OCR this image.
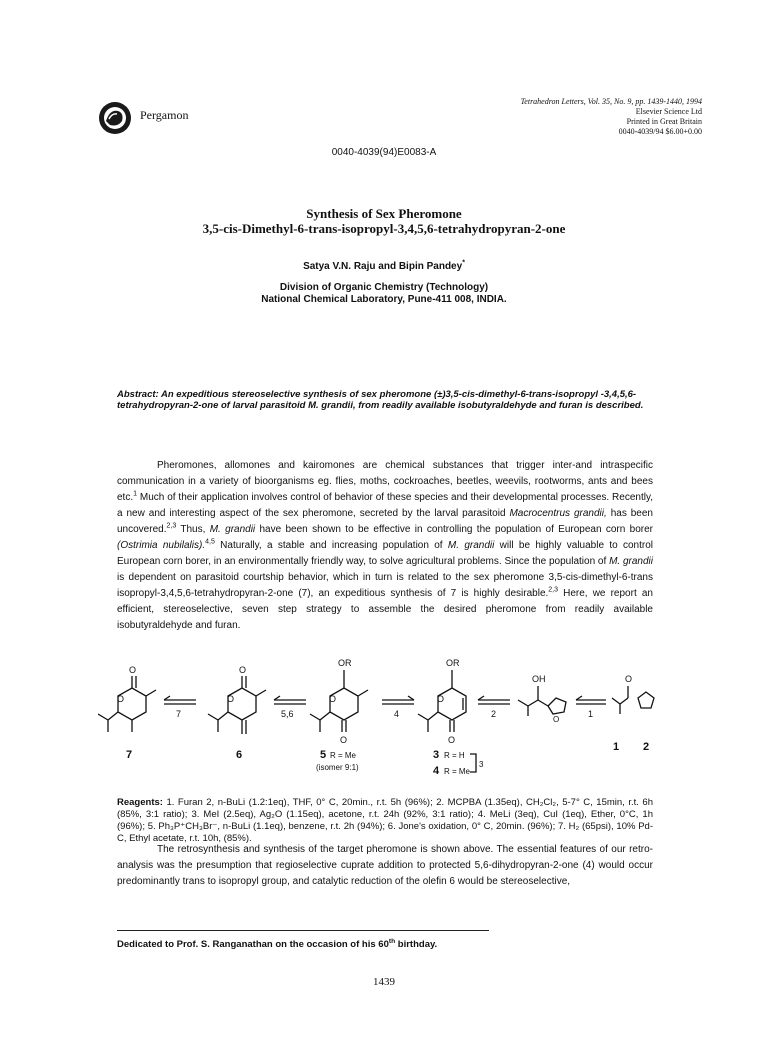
Pergamon
Tetrahedron Letters, Vol. 35, No. 9, pp. 1439-1440, 1994
Elsevier Science Ltd
Printed in Great Britain
0040-4039/94 $6.00+0.00
0040-4039(94)E0083-A
Synthesis of Sex Pheromone
3,5-cis-Dimethyl-6-trans-isopropyl-3,4,5,6-tetrahydropyran-2-one
Satya V.N. Raju and Bipin Pandey*
Division of Organic Chemistry (Technology)
National Chemical Laboratory, Pune-411 008, INDIA.
Abstract: An expeditious stereoselective synthesis of sex pheromone (±)3,5-cis-dimethyl-6-trans-isopropyl -3,4,5,6-tetrahydropyran-2-one of larval parasitoid M. grandii, from readily available isobutyraldehyde and furan is described.
Pheromones, allomones and kairomones are chemical substances that trigger inter-and intraspecific communication in a variety of bioorganisms eg. flies, moths, cockroaches, beetles, weevils, rootworms, ants and bees etc.$^1$ Much of their application involves control of behavior of these species and their developmental processes. Recently, a new and interesting aspect of the sex pheromone, secreted by the larval parasitoid Macrocentrus grandii, has been uncovered.$^{2,3}$ Thus, M. grandii have been shown to be effective in controlling the population of European corn borer (Ostrimia nubilalis).$^{4,5}$ Naturally, a stable and increasing population of M. grandii will be highly valuable to control European corn borer, in an environmentally friendly way, to solve agricultural problems. Since the population of M. grandii is dependent on parasitoid courtship behavior, which in turn is related to the sex pheromone 3,5-cis-dimethyl-6-trans isopropyl-3,4,5,6-tetrahydropyran-2-one (7), an expeditious synthesis of 7 is highly desirable.$^{2,3}$ Here, we report an efficient, stereoselective, seven step strategy to assemble the desired pheromone from readily available isobutyraldehyde and furan.
O
O
7
O
O
5,6
OR
O
O
4
OR
O
O
2
OH
O
1
O
7	6	5	3
4
1 2
R = Me
(isomer 9:1)
R = H
R = Me
3
Reagents: 1. Furan 2, n-BuLi (1.2:1eq), THF, 0° C, 20min., r.t. 5h (96%); 2. MCPBA (1.35eq), CH₂Cl₂, 5-7° C, 15min, r.t. 6h (85%, 3:1 ratio); 3. MeI (2.5eq), Ag₂O (1.15eq), acetone, r.t. 24h (92%, 3:1 ratio); 4. MeLi (3eq), CuI (1eq), Ether, 0°C, 1h (96%); 5. Ph₃P⁺CH₃Br⁻, n-BuLi (1.1eq), benzene, r.t. 2h (94%); 6. Jone's oxidation, 0° C, 20min. (96%); 7. H₂ (65psi), 10% Pd-C, Ethyl acetate, r.t. 10h, (85%).
The retrosynthesis and synthesis of the target pheromone is shown above. The essential features of our retro-analysis was the presumption that regioselective cuprate addition to protected 5,6-dihydropyran-2-one (4) would occur predominantly trans to isopropyl group, and catalytic reduction of the olefin 6 would be stereoselective,
Dedicated to Prof. S. Ranganathan on the occasion of his 60th birthday.
1439
